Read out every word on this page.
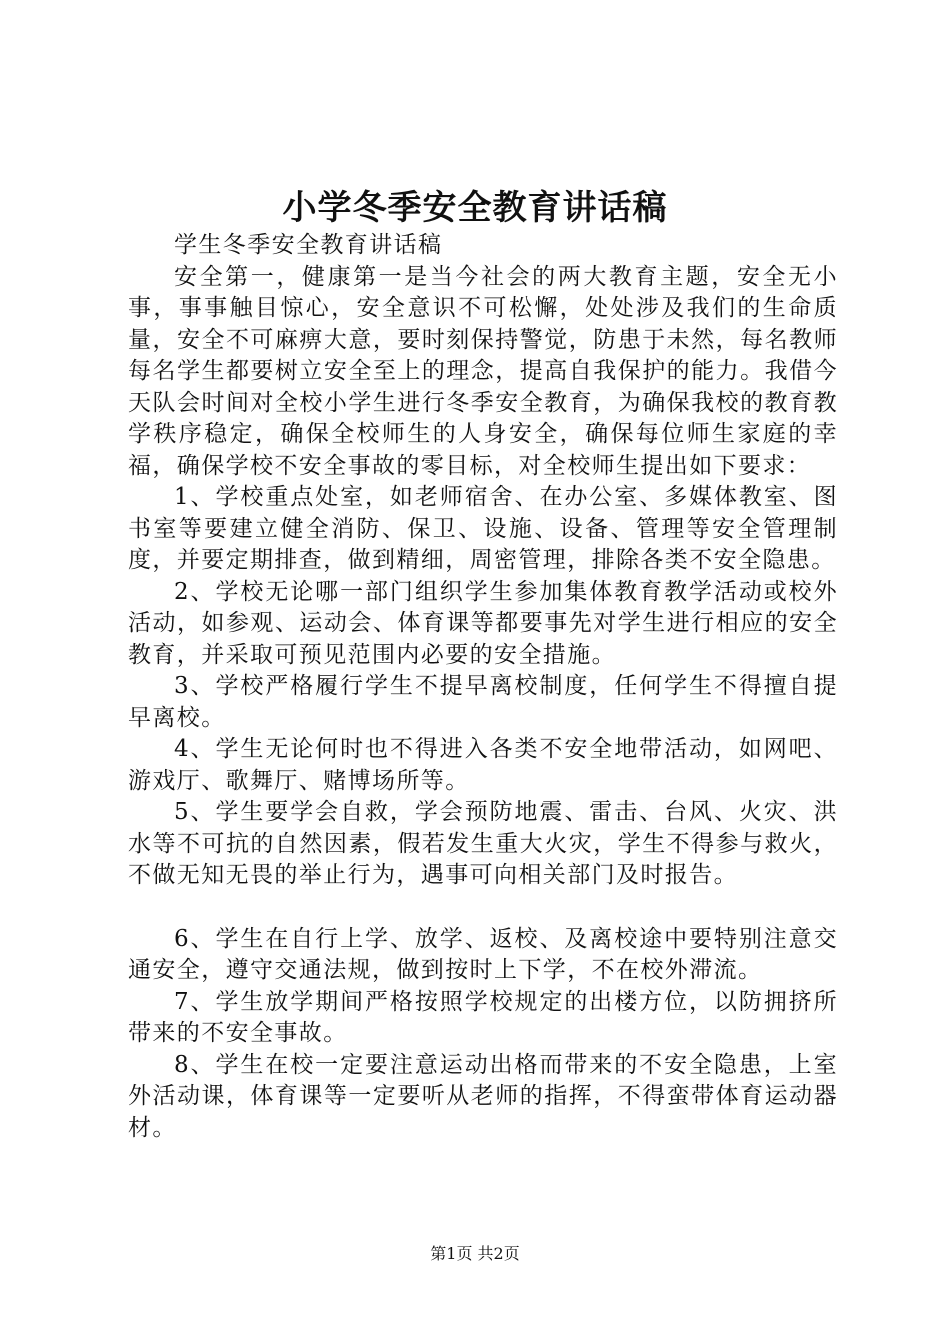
小学冬季安全教育讲话稿

学生冬季安全教育讲话稿

安全第一，健康第一是当今社会的两大教育主题，安全无小事，事事触目惊心，安全意识不可松懈，处处涉及我们的生命质量，安全不可麻痹大意，要时刻保持警觉，防患于未然，每名教师每名学生都要树立安全至上的理念，提高自我保护的能力。我借今天队会时间对全校小学生进行冬季安全教育，为确保我校的教育教学秩序稳定，确保全校师生的人身安全，确保每位师生家庭的幸福，确保学校不安全事故的零目标，对全校师生提出如下要求：

1、学校重点处室，如老师宿舍、在办公室、多媒体教室、图书室等要建立健全消防、保卫、设施、设备、管理等安全管理制度，并要定期排查，做到精细，周密管理，排除各类不安全隐患。

2、学校无论哪一部门组织学生参加集体教育教学活动或校外活动，如参观、运动会、体育课等都要事先对学生进行相应的安全教育，并采取可预见范围内必要的安全措施。

3、学校严格履行学生不提早离校制度，任何学生不得擅自提早离校。

4、学生无论何时也不得进入各类不安全地带活动，如网吧、游戏厅、歌舞厅、赌博场所等。

5、学生要学会自救，学会预防地震、雷击、台风、火灾、洪水等不可抗的自然因素，假若发生重大火灾，学生不得参与救火，不做无知无畏的举止行为，遇事可向相关部门及时报告。

6、学生在自行上学、放学、返校、及离校途中要特别注意交通安全，遵守交通法规，做到按时上下学，不在校外滞流。

7、学生放学期间严格按照学校规定的出楼方位，以防拥挤所带来的不安全事故。

8、学生在校一定要注意运动出格而带来的不安全隐患，上室外活动课，体育课等一定要听从老师的指挥，不得蛮带体育运动器材。

第1页 共2页
